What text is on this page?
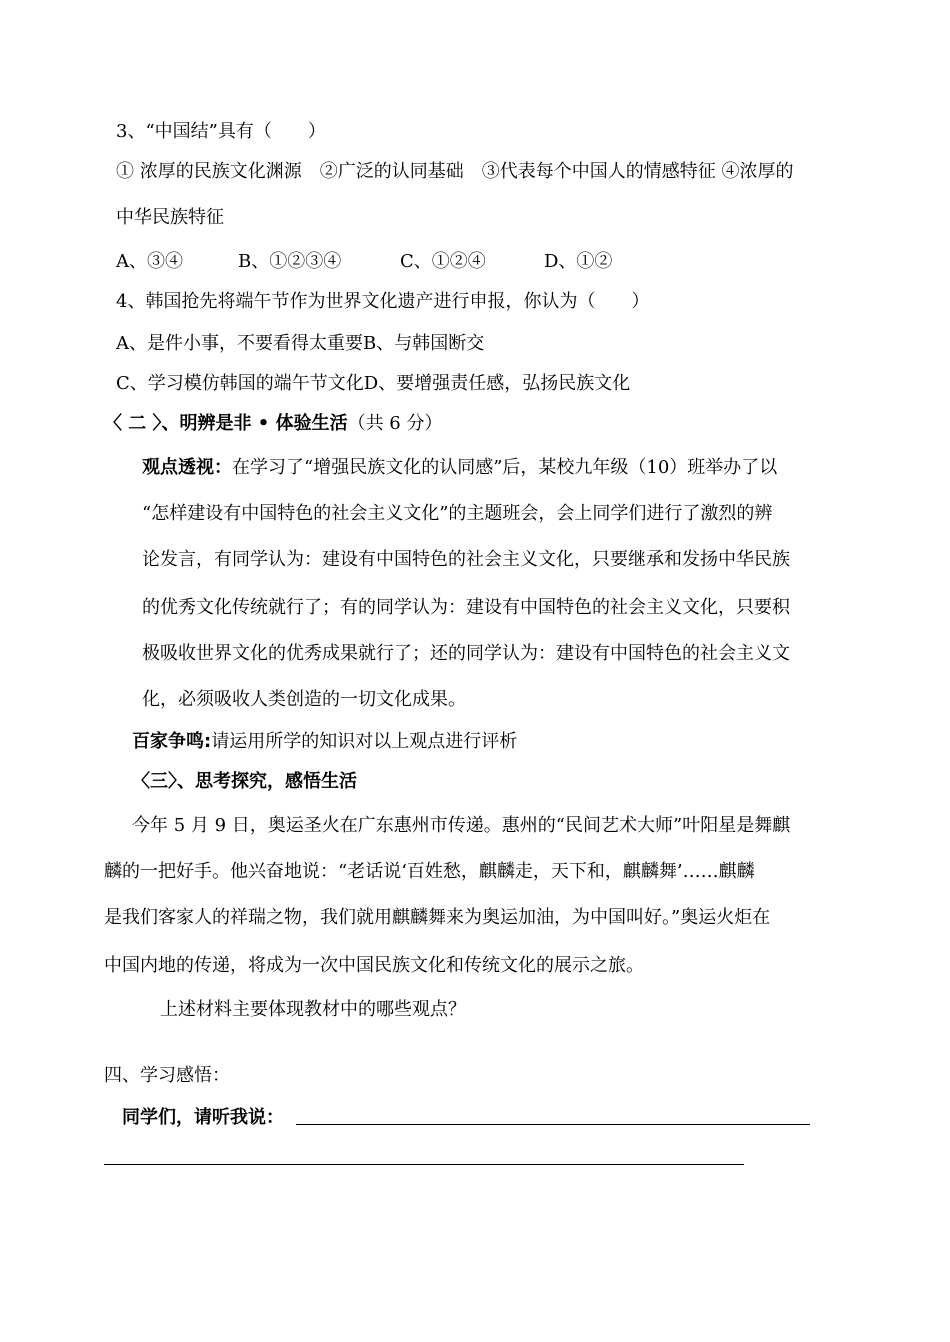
3、“中国结”具有（　　）
① 浓厚的民族文化渊源　②广泛的认同基础　③代表每个中国人的情感特征 ④浓厚的
中华民族特征
A、③④	B、①②③④	C、①②④	D、①②
4、韩国抢先将端午节作为世界文化遗产进行申报，你认为（　　）
A、是件小事，不要看得太重要B、与韩国断交
C、学习模仿韩国的端午节文化D、要增强责任感，弘扬民族文化
〈 二 〉、明辨是非 • 体验生活（共 6 分）
观点透视：在学习了“增强民族文化的认同感”后，某校九年级（10）班举办了以
“怎样建设有中国特色的社会主义文化”的主题班会，会上同学们进行了激烈的辨
论发言，有同学认为：建设有中国特色的社会主义文化，只要继承和发扬中华民族
的优秀文化传统就行了；有的同学认为：建设有中国特色的社会主义文化，只要积
极吸收世界文化的优秀成果就行了；还的同学认为：建设有中国特色的社会主义文
化，必须吸收人类创造的一切文化成果。
百家争鸣:请运用所学的知识对以上观点进行评析
〈三〉、思考探究，感悟生活
今年 5 月 9 日，奥运圣火在广东惠州市传递。惠州的“民间艺术大师”叶阳星是舞麒
麟的一把好手。他兴奋地说：“老话说‘百姓愁，麒麟走，天下和，麒麟舞’……麒麟
是我们客家人的祥瑞之物，我们就用麒麟舞来为奥运加油，为中国叫好。”奥运火炬在
中国内地的传递，将成为一次中国民族文化和传统文化的展示之旅。
上述材料主要体现教材中的哪些观点？
四、学习感悟：
同学们，请听我说：
